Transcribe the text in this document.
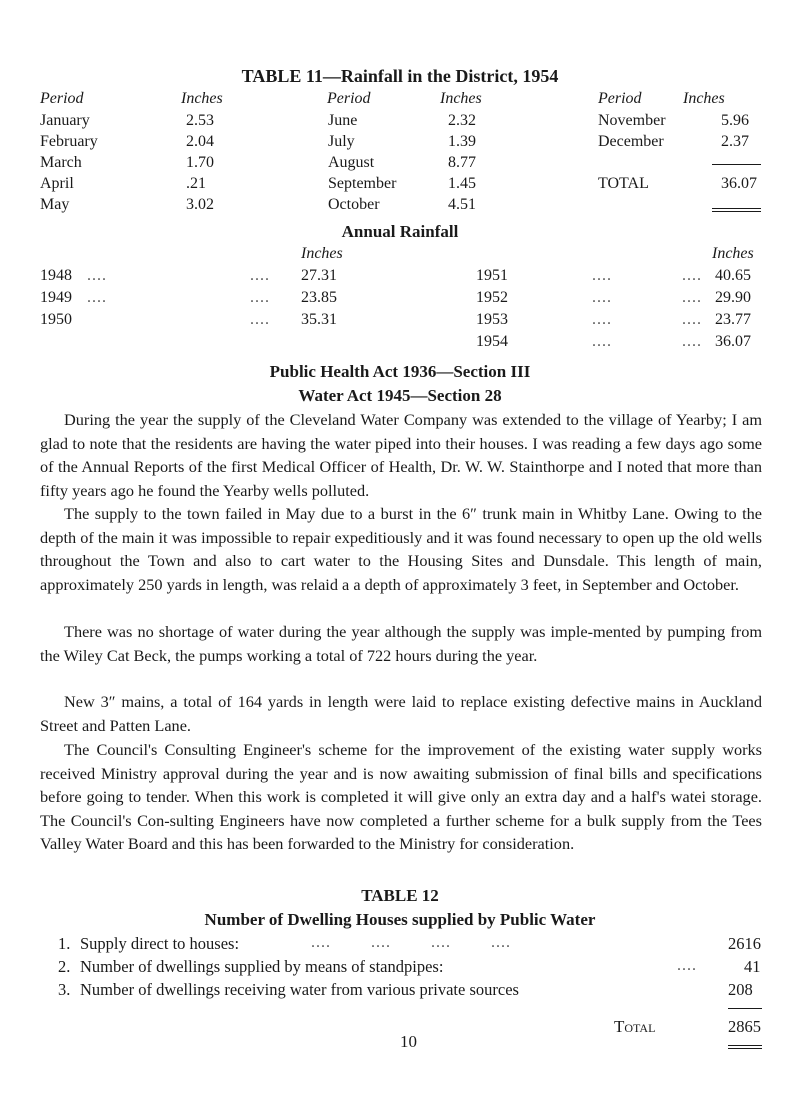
TABLE 11—Rainfall in the District, 1954
Period	Inches	Period	Inches	Period	Inches
January	2.53
February	2.04
March	1.70
April	.21
May	3.02
June	2.32
July	1.39
August	8.77
September	1.45
October	4.51
November	5.96
December	2.37
TOTAL	36.07
Annual Rainfall
Inches	Inches
1948 ....	.... 27.31
1949 ....	.... 23.85
1950	.... 35.31
1951	....	.... 40.65
1952	....	.... 29.90
1953	....	.... 23.77
1954	....	.... 36.07
Public Health Act 1936—Section III
Water Act 1945—Section 28

During the year the supply of the Cleveland Water Company was extended to the village of Yearby; I am glad to note that the residents are having the water piped into their houses. I was reading a few days ago some of the Annual Reports of the first Medical Officer of Health, Dr. W. W. Stainthorpe and I noted that more than fifty years ago he found the Yearby wells polluted.

The supply to the town failed in May due to a burst in the 6″ trunk main in Whitby Lane. Owing to the depth of the main it was impossible to repair expeditiously and it was found necessary to open up the old wells throughout the Town and also to cart water to the Housing Sites and Dunsdale. This length of main, approximately 250 yards in length, was relaid a a depth of approximately 3 feet, in September and October.

There was no shortage of water during the year although the supply was imple-mented by pumping from the Wiley Cat Beck, the pumps working a total of 722 hours during the year.

New 3″ mains, a total of 164 yards in length were laid to replace existing defective mains in Auckland Street and Patten Lane.

The Council's Consulting Engineer's scheme for the improvement of the existing water supply works received Ministry approval during the year and is now awaiting submission of final bills and specifications before going to tender. When this work is completed it will give only an extra day and a half's watei storage. The Council's Con-sulting Engineers have now completed a further scheme for a bulk supply from the Tees Valley Water Board and this has been forwarded to the Ministry for consideration.

TABLE 12
Number of Dwelling Houses supplied by Public Water
1. Supply direct to houses:	....        ....        ....        ....	2616
2. Number of dwellings supplied by means of standpipes:	....	41
3. Number of dwellings receiving water from various private sources	208
Total	2865
10
